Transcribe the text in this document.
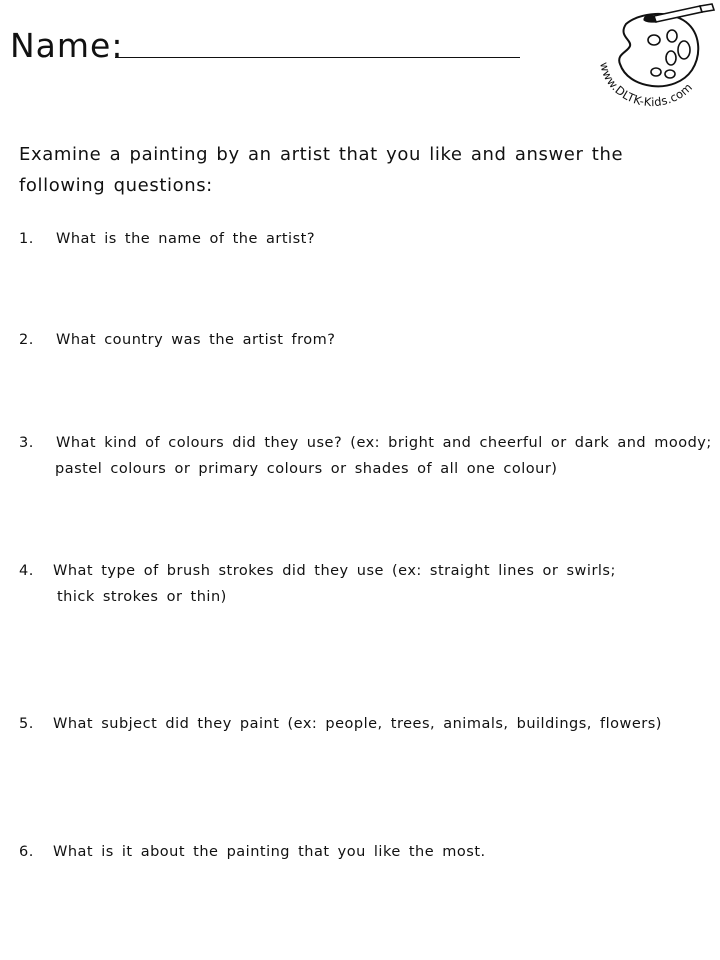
Name:
www.DLTK-Kids.com
Examine a painting by an artist that you like and answer the following questions:
1. What is the name of the artist?
2. What country was the artist from?
3. What kind of colours did they use? (ex: bright and cheerful or dark and moody;
pastel colours or primary colours or shades of all one colour)
4. What type of brush strokes did they use (ex: straight lines or swirls;
thick strokes or thin)
5. What subject did they paint (ex: people, trees, animals, buildings, flowers)
6. What is it about the painting that you like the most.
